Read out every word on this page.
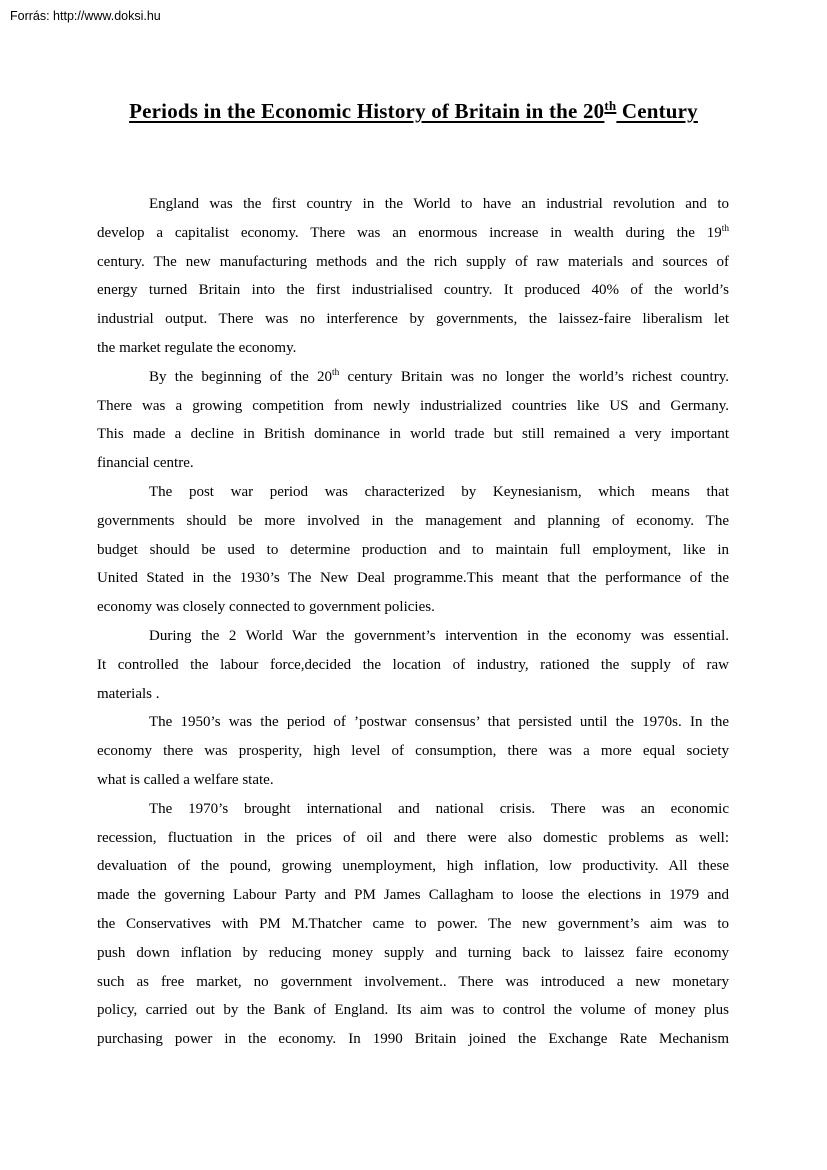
Forrás: http://www.doksi.hu
Periods in the Economic History of Britain in the 20th Century
England was the first country in the World to have an industrial revolution and to
develop a capitalist economy. There was an enormous increase in wealth during the 19th
century. The new manufacturing methods and the rich supply of raw materials and sources of
energy turned Britain into the first industrialised country. It produced 40% of the world’s
industrial output. There was no interference by governments, the laissez-faire liberalism let
the market regulate the economy.
By the beginning of the 20th century Britain was no longer the world’s richest country.
There was a growing competition from newly industrialized countries like US and Germany.
This made a decline in British dominance in world trade but still remained a very important
financial centre.
The post war period was characterized by Keynesianism, which means that
governments should be more involved in the management and planning of economy. The
budget should be used to determine production and to maintain full employment, like in
United Stated in the 1930’s The New Deal programme.This meant that the performance of the
economy was closely connected to government policies.
During the 2 World War the government’s intervention in the economy was essential.
It controlled the labour force,decided the location of industry, rationed the supply of raw
materials .
The 1950’s was the period of ’postwar consensus’ that persisted until the 1970s. In the
economy there was prosperity, high level of consumption, there was a more equal society
what is called a welfare state.
The 1970’s brought international and national crisis. There was an economic
recession, fluctuation in the prices of oil and there were also domestic problems as well:
devaluation of the pound, growing unemployment, high inflation, low productivity. All these
made the governing Labour Party and PM James Callagham to loose the elections in 1979 and
the Conservatives with PM M.Thatcher came to power. The new government’s aim was to
push down inflation by reducing money supply and turning back to laissez faire economy
such as free market, no government involvement.. There was introduced a new monetary
policy, carried out by the Bank of England. Its aim was to control the volume of money plus
purchasing power in the economy. In 1990 Britain joined the Exchange Rate Mechanism
